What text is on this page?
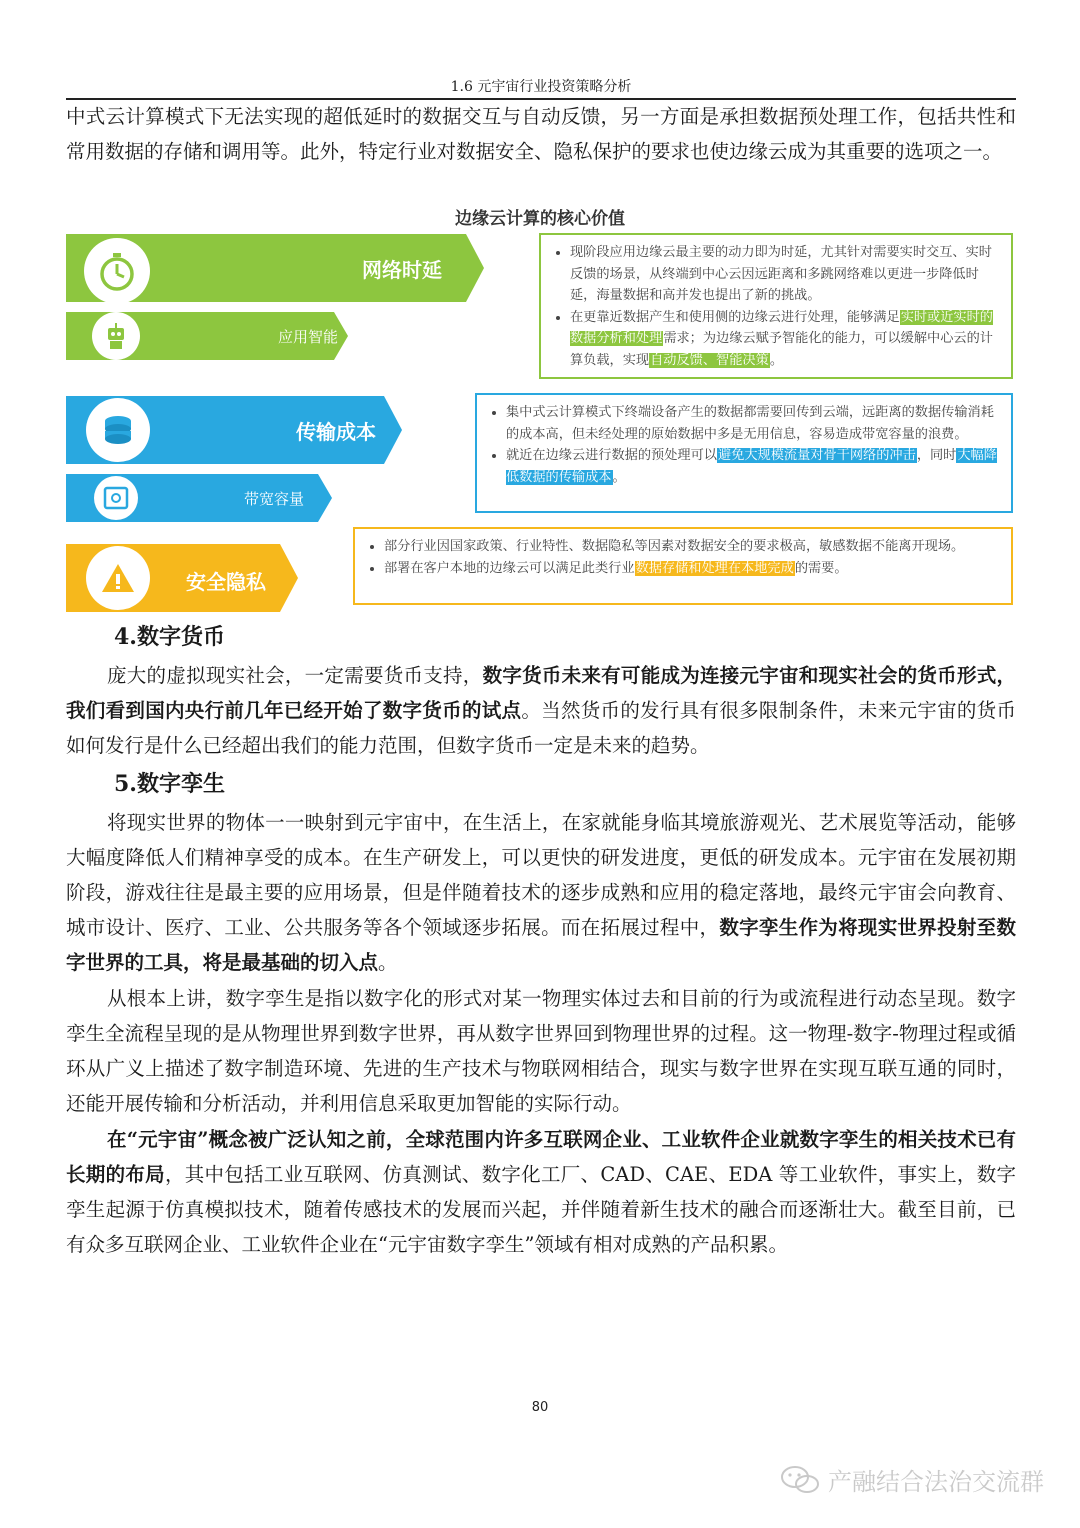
1.6 元宇宙行业投资策略分析

中式云计算模式下无法实现的超低延时的数据交互与自动反馈，另一方面是承担数据预处理工作，包括共性和常用数据的存储和调用等。此外，特定行业对数据安全、隐私保护的要求也使边缘云成为其重要的选项之一。

边缘云计算的核心价值
网络时延
应用智能
传输成本
带宽容量
安全隐私
• 现阶段应用边缘云最主要的动力即为时延，尤其针对需要实时交互、实时反馈的场景，从终端到中心云因远距离和多跳网络难以更进一步降低时延，海量数据和高并发也提出了新的挑战。
• 在更靠近数据产生和使用侧的边缘云进行处理，能够满足实时或近实时的数据分析和处理需求；为边缘云赋予智能化的能力，可以缓解中心云的计算负载，实现自动反馈、智能决策。
• 集中式云计算模式下终端设备产生的数据都需要回传到云端，远距离的数据传输消耗的成本高，但未经处理的原始数据中多是无用信息，容易造成带宽容量的浪费。
• 就近在边缘云进行数据的预处理可以避免大规模流量对骨干网络的冲击，同时大幅降低数据的传输成本。
• 部分行业因国家政策、行业特性、数据隐私等因素对数据安全的要求极高，敏感数据不能离开现场。
• 部署在客户本地的边缘云可以满足此类行业数据存储和处理在本地完成的需要。
4.数字货币

庞大的虚拟现实社会，一定需要货币支持，数字货币未来有可能成为连接元宇宙和现实社会的货币形式，我们看到国内央行前几年已经开始了数字货币的试点。当然货币的发行具有很多限制条件，未来元宇宙的货币如何发行是什么已经超出我们的能力范围，但数字货币一定是未来的趋势。

5.数字孪生

将现实世界的物体一一映射到元宇宙中，在生活上，在家就能身临其境旅游观光、艺术展览等活动，能够大幅度降低人们精神享受的成本。在生产研发上，可以更快的研发进度，更低的研发成本。元宇宙在发展初期阶段，游戏往往是最主要的应用场景，但是伴随着技术的逐步成熟和应用的稳定落地，最终元宇宙会向教育、城市设计、医疗、工业、公共服务等各个领域逐步拓展。而在拓展过程中，数字孪生作为将现实世界投射至数字世界的工具，将是最基础的切入点。

从根本上讲，数字孪生是指以数字化的形式对某一物理实体过去和目前的行为或流程进行动态呈现。数字孪生全流程呈现的是从物理世界到数字世界，再从数字世界回到物理世界的过程。这一物理-数字-物理过程或循环从广义上描述了数字制造环境、先进的生产技术与物联网相结合，现实与数字世界在实现互联互通的同时，还能开展传输和分析活动，并利用信息采取更加智能的实际行动。

在“元宇宙”概念被广泛认知之前，全球范围内许多互联网企业、工业软件企业就数字孪生的相关技术已有长期的布局，其中包括工业互联网、仿真测试、数字化工厂、CAD、CAE、EDA 等工业软件，事实上，数字孪生起源于仿真模拟技术，随着传感技术的发展而兴起，并伴随着新生技术的融合而逐渐壮大。截至目前，已有众多互联网企业、工业软件企业在“元宇宙数字孪生”领域有相对成熟的产品积累。

80
产融结合法治交流群
